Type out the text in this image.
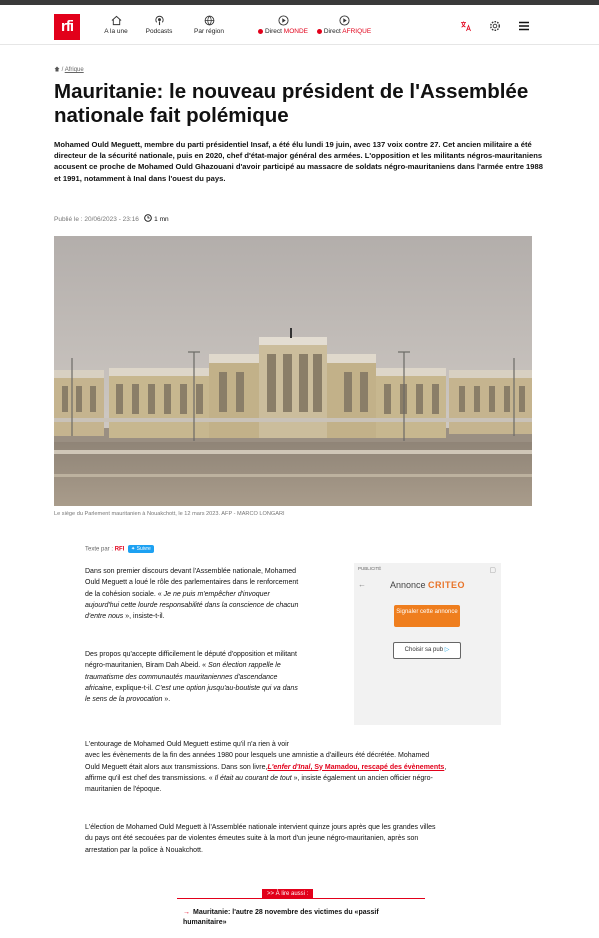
rfi	A la une	Podcasts	Par région	Direct MONDE	Direct AFRIQUE
/ Afrique
Mauritanie: le nouveau président de l'Assemblée nationale fait polémique

Mohamed Ould Meguett, membre du parti présidentiel Insaf, a été élu lundi 19 juin, avec 137 voix contre 27. Cet ancien militaire a été directeur de la sécurité nationale, puis en 2020, chef d'état-major général des armées. L'opposition et les militants négros-mauritaniens accusent ce proche de Mohamed Ould Ghazouani d'avoir participé au massacre de soldats négro-mauritaniens dans l'armée entre 1988 et 1991, notamment à Inal dans l'ouest du pays.

Publié le : 20/06/2023 - 23:16 1 mn
Le siège du Parlement mauritanien à Nouakchott, le 12 mars 2023. AFP - MARCO LONGARI
Texte par : RFI ✦ Suivre
Dans son premier discours devant l'Assemblée nationale, Mohamed
Ould Meguett a loué le rôle des parlementaires dans le renforcement
de la cohésion sociale. « Je ne puis m'empêcher d'invoquer
aujourd'hui cette lourde responsabilité dans la conscience de chacun
d'entre nous », insiste-t-il.
Des propos qu'accepte difficilement le député d'opposition et militant
négro-mauritanien, Biram Dah Abeid. « Son élection rappelle le
traumatisme des communautés mauritaniennes d'ascendance
africaine, explique-t-il. C'est une option jusqu'au-boutiste qui va dans
le sens de la provocation ».
PUBLICITÉ	▢
←	Annonce CRITEO
Signaler cette annonce
Choisir sa pub ▷
L'entourage de Mohamed Ould Meguett estime qu'il n'a rien à voir
avec les évènements de la fin des années 1980 pour lesquels une amnistie a d'ailleurs été décrétée. Mohamed
Ould Meguett était alors aux transmissions. Dans son livre,L'enfer d'Inal, Sy Mamadou, rescapé des évènements,
affirme qu'il est chef des transmissions. « Il était au courant de tout », insiste également un ancien officier négro-
mauritanien de l'époque.
L'élection de Mohamed Ould Meguett à l'Assemblée nationale intervient quinze jours après que les grandes villes
du pays ont été secouées par de violentes émeutes suite à la mort d'un jeune négro-mauritanien, après son
arrestation par la police à Nouakchott.
>> À lire aussi :
→ Mauritanie: l'autre 28 novembre des victimes du «passif humanitaire»
